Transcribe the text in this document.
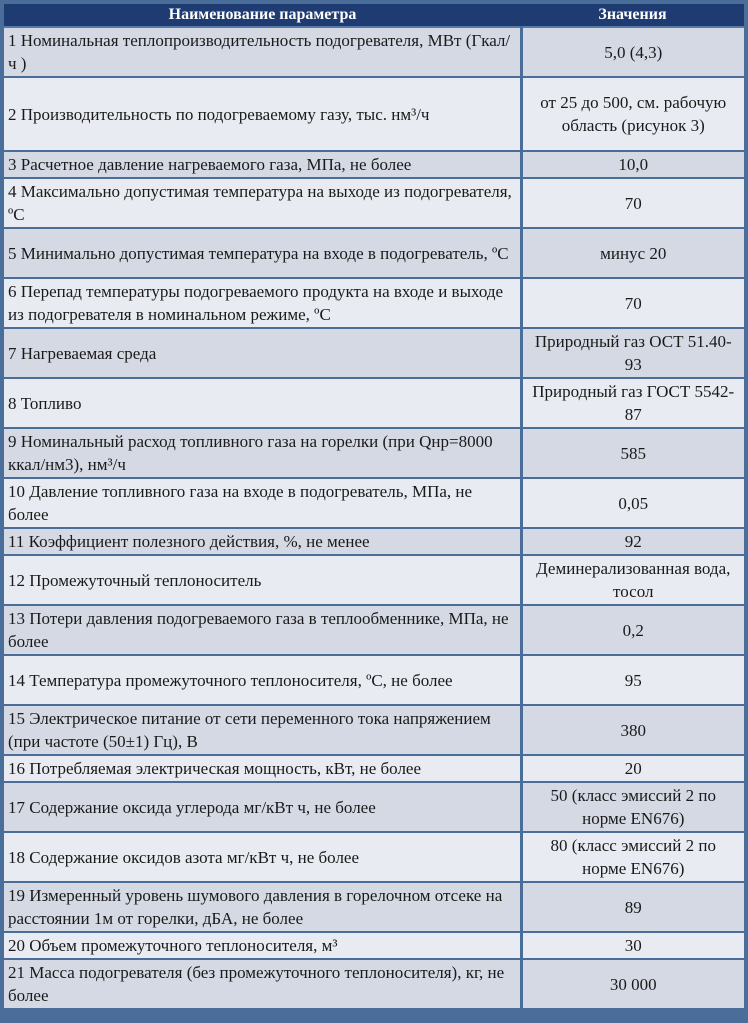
Наименование параметра	Значения
1 Номинальная теплопроизводительность подогревателя, МВт (Гкал/ч )	5,0 (4,3)
2 Производительность по подогреваемому газу, тыс. нм³/ч	от 25 до 500, см. рабочую область (рисунок 3)
3 Расчетное давление нагреваемого газа, МПа, не более	10,0
4 Максимально допустимая температура на выходе из подогревателя, ºС	70
5 Минимально допустимая температура на входе в подогреватель, ºС	минус 20
6 Перепад температуры подогреваемого продукта на входе и выходе из подогревателя в номинальном режиме, ºС	70
7 Нагреваемая среда	Природный газ ОСТ 51.40-93
8 Топливо	Природный газ ГОСТ 5542-87
9 Номинальный расход топливного газа на горелки (при Qнр=8000 ккал/нм3), нм³/ч	585
10 Давление топливного газа на входе в подогреватель, МПа, не более	0,05
11 Коэффициент полезного действия, %, не менее	92
12 Промежуточный теплоноситель	Деминерализованная вода, тосол
13 Потери давления подогреваемого газа в теплообменнике, МПа, не более	0,2
14 Температура промежуточного теплоносителя, ºС, не более	95
15 Электрическое питание от сети переменного тока напряжением (при частоте (50±1) Гц), В	380
16 Потребляемая электрическая мощность, кВт, не более	20
17 Содержание оксида углерода мг/кВт ч, не более	50 (класс эмиссий 2 по норме EN676)
18 Содержание оксидов азота мг/кВт ч, не более	80 (класс эмиссий 2 по норме EN676)
19 Измеренный уровень шумового давления в горелочном отсеке на расстоянии 1м от горелки, дБА, не более	89
20 Объем промежуточного теплоносителя, м³	30
21 Масса подогревателя (без промежуточного теплоносителя), кг, не более	30 000
